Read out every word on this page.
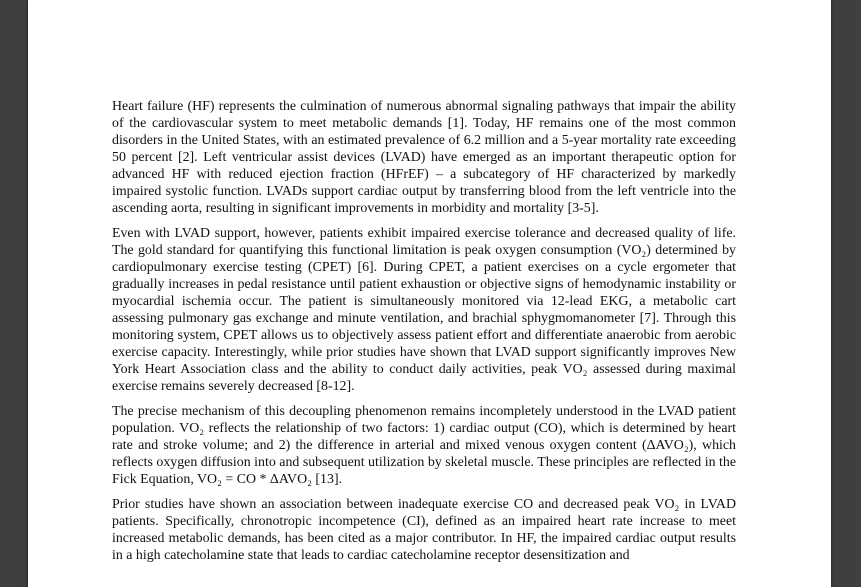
Heart failure (HF) represents the culmination of numerous abnormal signaling pathways that impair the ability of the cardiovascular system to meet metabolic demands [1]. Today, HF remains one of the most common disorders in the United States, with an estimated prevalence of 6.2 million and a 5-year mortality rate exceeding 50 percent [2]. Left ventricular assist devices (LVAD) have emerged as an important therapeutic option for advanced HF with reduced ejection fraction (HFrEF) – a subcategory of HF characterized by markedly impaired systolic function. LVADs support cardiac output by transferring blood from the left ventricle into the ascending aorta, resulting in significant improvements in morbidity and mortality [3-5].

Even with LVAD support, however, patients exhibit impaired exercise tolerance and decreased quality of life. The gold standard for quantifying this functional limitation is peak oxygen consumption (VO₂) determined by cardiopulmonary exercise testing (CPET) [6]. During CPET, a patient exercises on a cycle ergometer that gradually increases in pedal resistance until patient exhaustion or objective signs of hemodynamic instability or myocardial ischemia occur. The patient is simultaneously monitored via 12-lead EKG, a metabolic cart assessing pulmonary gas exchange and minute ventilation, and brachial sphygmomanometer [7]. Through this monitoring system, CPET allows us to objectively assess patient effort and differentiate anaerobic from aerobic exercise capacity. Interestingly, while prior studies have shown that LVAD support significantly improves New York Heart Association class and the ability to conduct daily activities, peak VO₂ assessed during maximal exercise remains severely decreased [8-12].

The precise mechanism of this decoupling phenomenon remains incompletely understood in the LVAD patient population. VO₂ reflects the relationship of two factors: 1) cardiac output (CO), which is determined by heart rate and stroke volume; and 2) the difference in arterial and mixed venous oxygen content (ΔAVO₂), which reflects oxygen diffusion into and subsequent utilization by skeletal muscle. These principles are reflected in the Fick Equation, VO₂ = CO * ΔAVO₂ [13].

Prior studies have shown an association between inadequate exercise CO and decreased peak VO₂ in LVAD patients. Specifically, chronotropic incompetence (CI), defined as an impaired heart rate increase to meet increased metabolic demands, has been cited as a major contributor. In HF, the impaired cardiac output results in a high catecholamine state that leads to cardiac catecholamine receptor desensitization and
